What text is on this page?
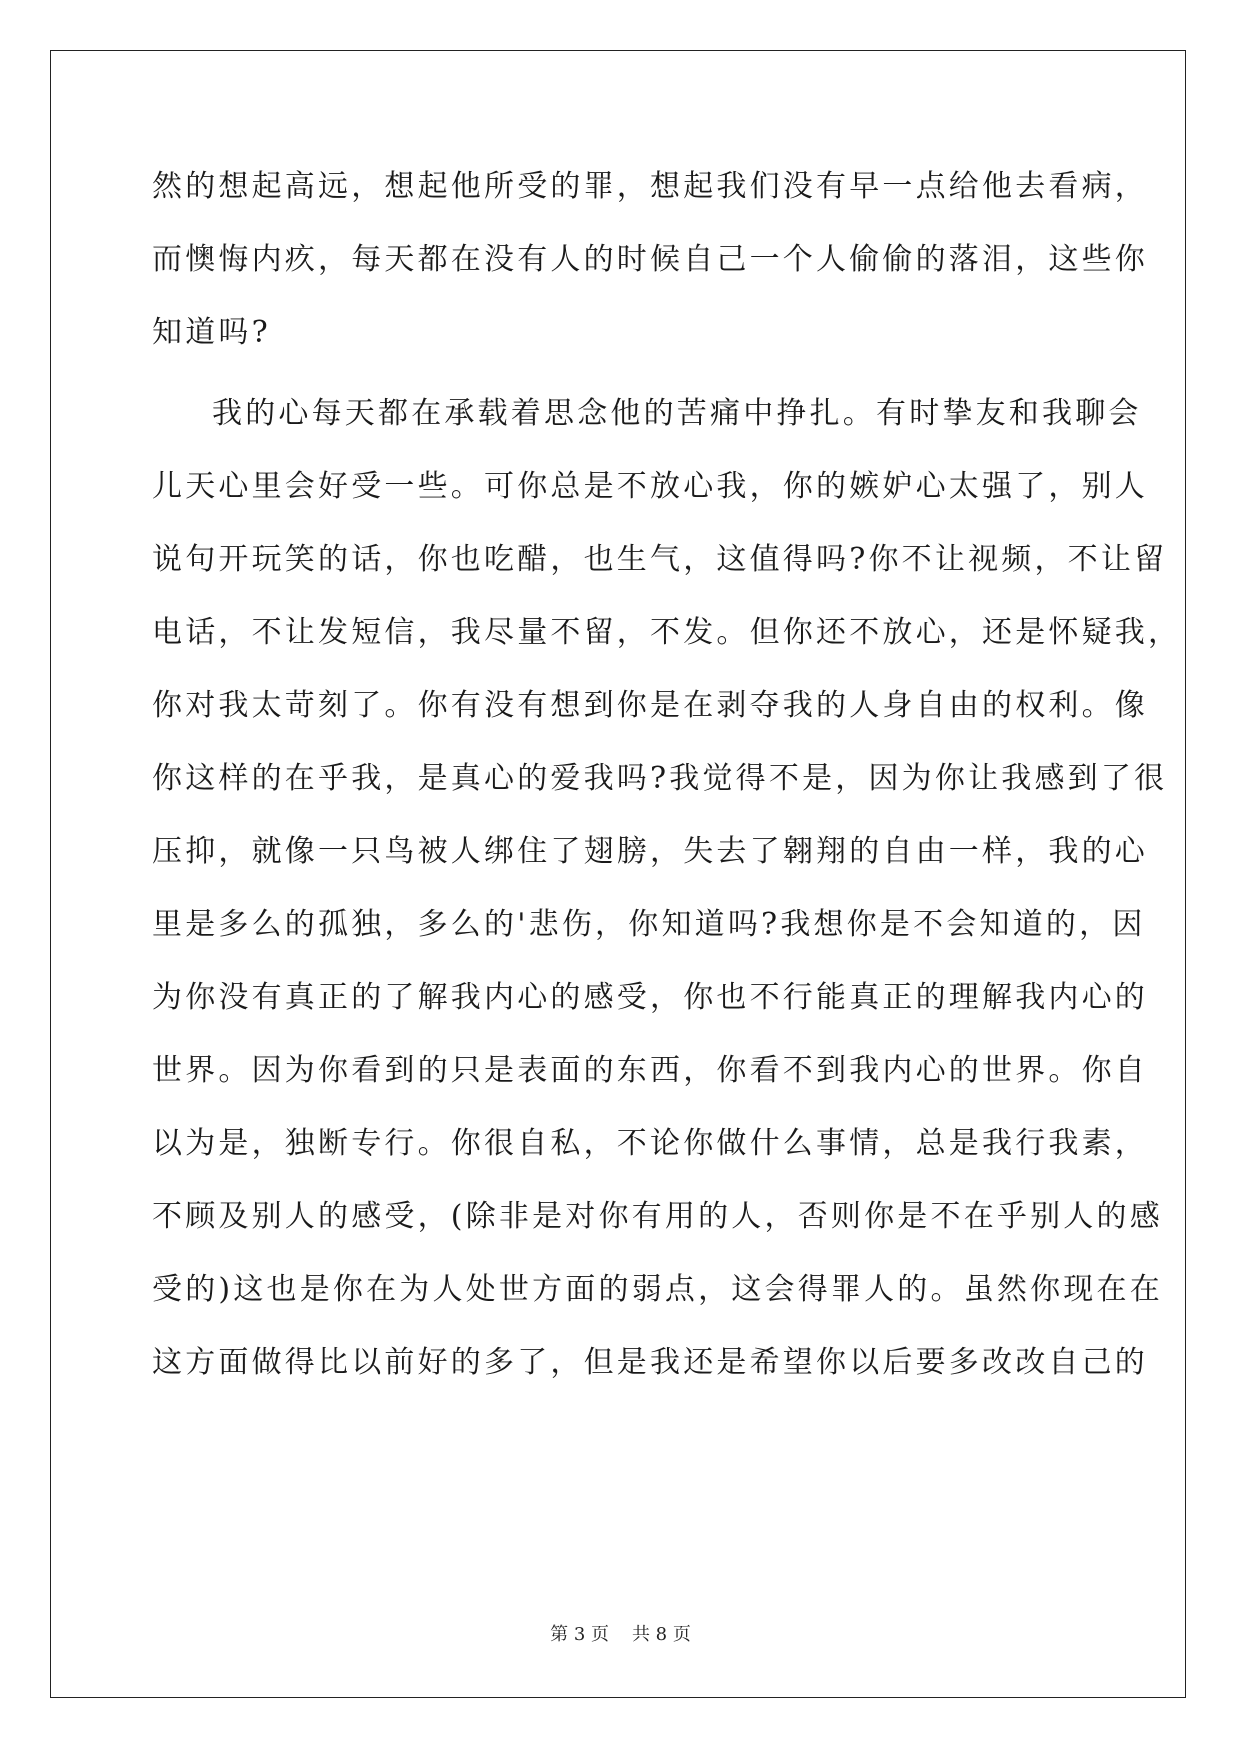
然的想起高远，想起他所受的罪，想起我们没有早一点给他去看病，
而懊悔内疚，每天都在没有人的时候自己一个人偷偷的落泪，这些你
知道吗?
我的心每天都在承载着思念他的苦痛中挣扎。有时挚友和我聊会
儿天心里会好受一些。可你总是不放心我，你的嫉妒心太强了，别人
说句开玩笑的话，你也吃醋，也生气，这值得吗?你不让视频，不让留
电话，不让发短信，我尽量不留，不发。但你还不放心，还是怀疑我，
你对我太苛刻了。你有没有想到你是在剥夺我的人身自由的权利。像
你这样的在乎我，是真心的爱我吗?我觉得不是，因为你让我感到了很
压抑，就像一只鸟被人绑住了翅膀，失去了翱翔的自由一样，我的心
里是多么的孤独，多么的'悲伤，你知道吗?我想你是不会知道的，因
为你没有真正的了解我内心的感受，你也不行能真正的理解我内心的
世界。因为你看到的只是表面的东西，你看不到我内心的世界。你自
以为是，独断专行。你很自私，不论你做什么事情，总是我行我素，
不顾及别人的感受，(除非是对你有用的人，否则你是不在乎别人的感
受的)这也是你在为人处世方面的弱点，这会得罪人的。虽然你现在在
这方面做得比以前好的多了，但是我还是希望你以后要多改改自己的
第 3 页    共 8 页
